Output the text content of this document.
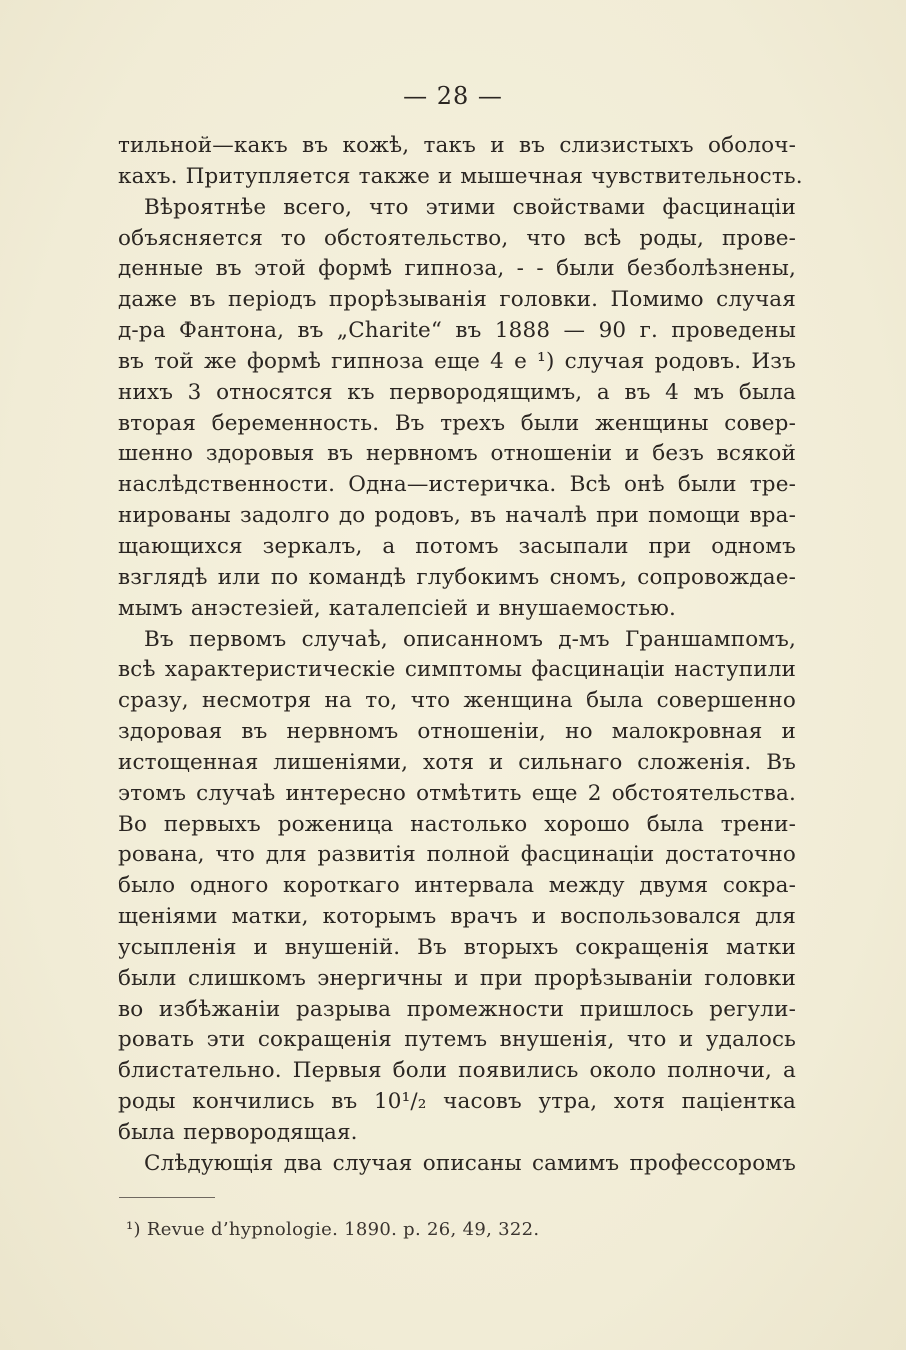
— 28 —
тильной—какъ въ кожѣ, такъ и въ слизистыхъ оболоч-
кахъ. Притупляется также и мышечная чувствительность.
Вѣроятнѣе всего, что этими свойствами фасцинаціи
объясняется то обстоятельство, что всѣ роды, прове-
денные въ этой формѣ гипноза, - - были безболѣзнены,
даже въ періодъ прорѣзыванія головки. Помимо случая
д-ра Фантона, въ „Charite“ въ 1888 — 90 г. проведены
въ той же формѣ гипноза еще 4 е ¹) случая родовъ. Изъ
нихъ 3 относятся къ первородящимъ, а въ 4 мъ была
вторая беременность. Въ трехъ были женщины совер-
шенно здоровыя въ нервномъ отношеніи и безъ всякой
наслѣдственности. Одна—истеричка. Всѣ онѣ были тре-
нированы задолго до родовъ, въ началѣ при помощи вра-
щающихся зеркалъ, а потомъ засыпали при одномъ
взглядѣ или по командѣ глубокимъ сномъ, сопровождае-
мымъ анэстезіей, каталепсіей и внушаемостью.
Въ первомъ случаѣ, описанномъ д-мъ Граншампомъ,
всѣ характеристическіе симптомы фасцинаціи наступили
сразу, несмотря на то, что женщина была совершенно
здоровая въ нервномъ отношеніи, но малокровная и
истощенная лишеніями, хотя и сильнаго сложенія. Въ
этомъ случаѣ интересно отмѣтить еще 2 обстоятельства.
Во первыхъ роженица настолько хорошо была трени-
рована, что для развитія полной фасцинаціи достаточно
было одного короткаго интервала между двумя сокра-
щеніями матки, которымъ врачъ и воспользовался для
усыпленія и внушеній. Въ вторыхъ сокращенія матки
были слишкомъ энергичны и при прорѣзываніи головки
во избѣжаніи разрыва промежности пришлось регули-
ровать эти сокращенія путемъ внушенія, что и удалось
блистательно. Первыя боли появились около полночи, а
роды кончились въ 10¹/₂ часовъ утра, хотя паціентка
была первородящая.
Слѣдующія два случая описаны самимъ профессоромъ
¹) Revue d’hypnologie. 1890. p. 26, 49, 322.
